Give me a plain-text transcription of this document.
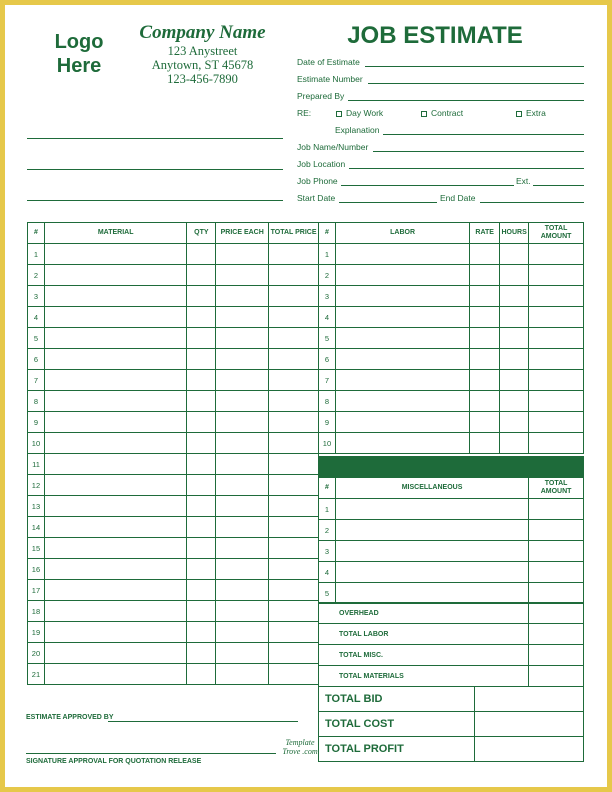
Logo Here
Company Name
123 Anystreet
Anytown, ST 45678
123-456-7890
JOB ESTIMATE
Date of Estimate
Estimate Number
Prepared By
RE:	Day Work	Contract	Extra
Explanation
Job Name/Number
Job Location
Job Phone	Ext.
Start Date	End Date
#	MATERIAL	QTY	PRICE EACH	TOTAL PRICE
1				
2				
3				
4				
5				
6				
7				
8				
9				
10				
11				
12				
13				
14				
15				
16				
17				
18				
19				
20				
21				
#	LABOR	RATE	HOURS	TOTAL AMOUNT
1				
2				
3				
4				
5				
6				
7				
8				
9				
10				
#	MISCELLANEOUS	TOTAL AMOUNT
1		
2		
3		
4		
5		
OVERHEAD	
TOTAL LABOR	
TOTAL MISC.	
TOTAL MATERIALS	
TOTAL BID	
TOTAL COST	
TOTAL PROFIT	
ESTIMATE APPROVED BY
SIGNATURE APPROVAL FOR QUOTATION RELEASE
Template Trove .com
